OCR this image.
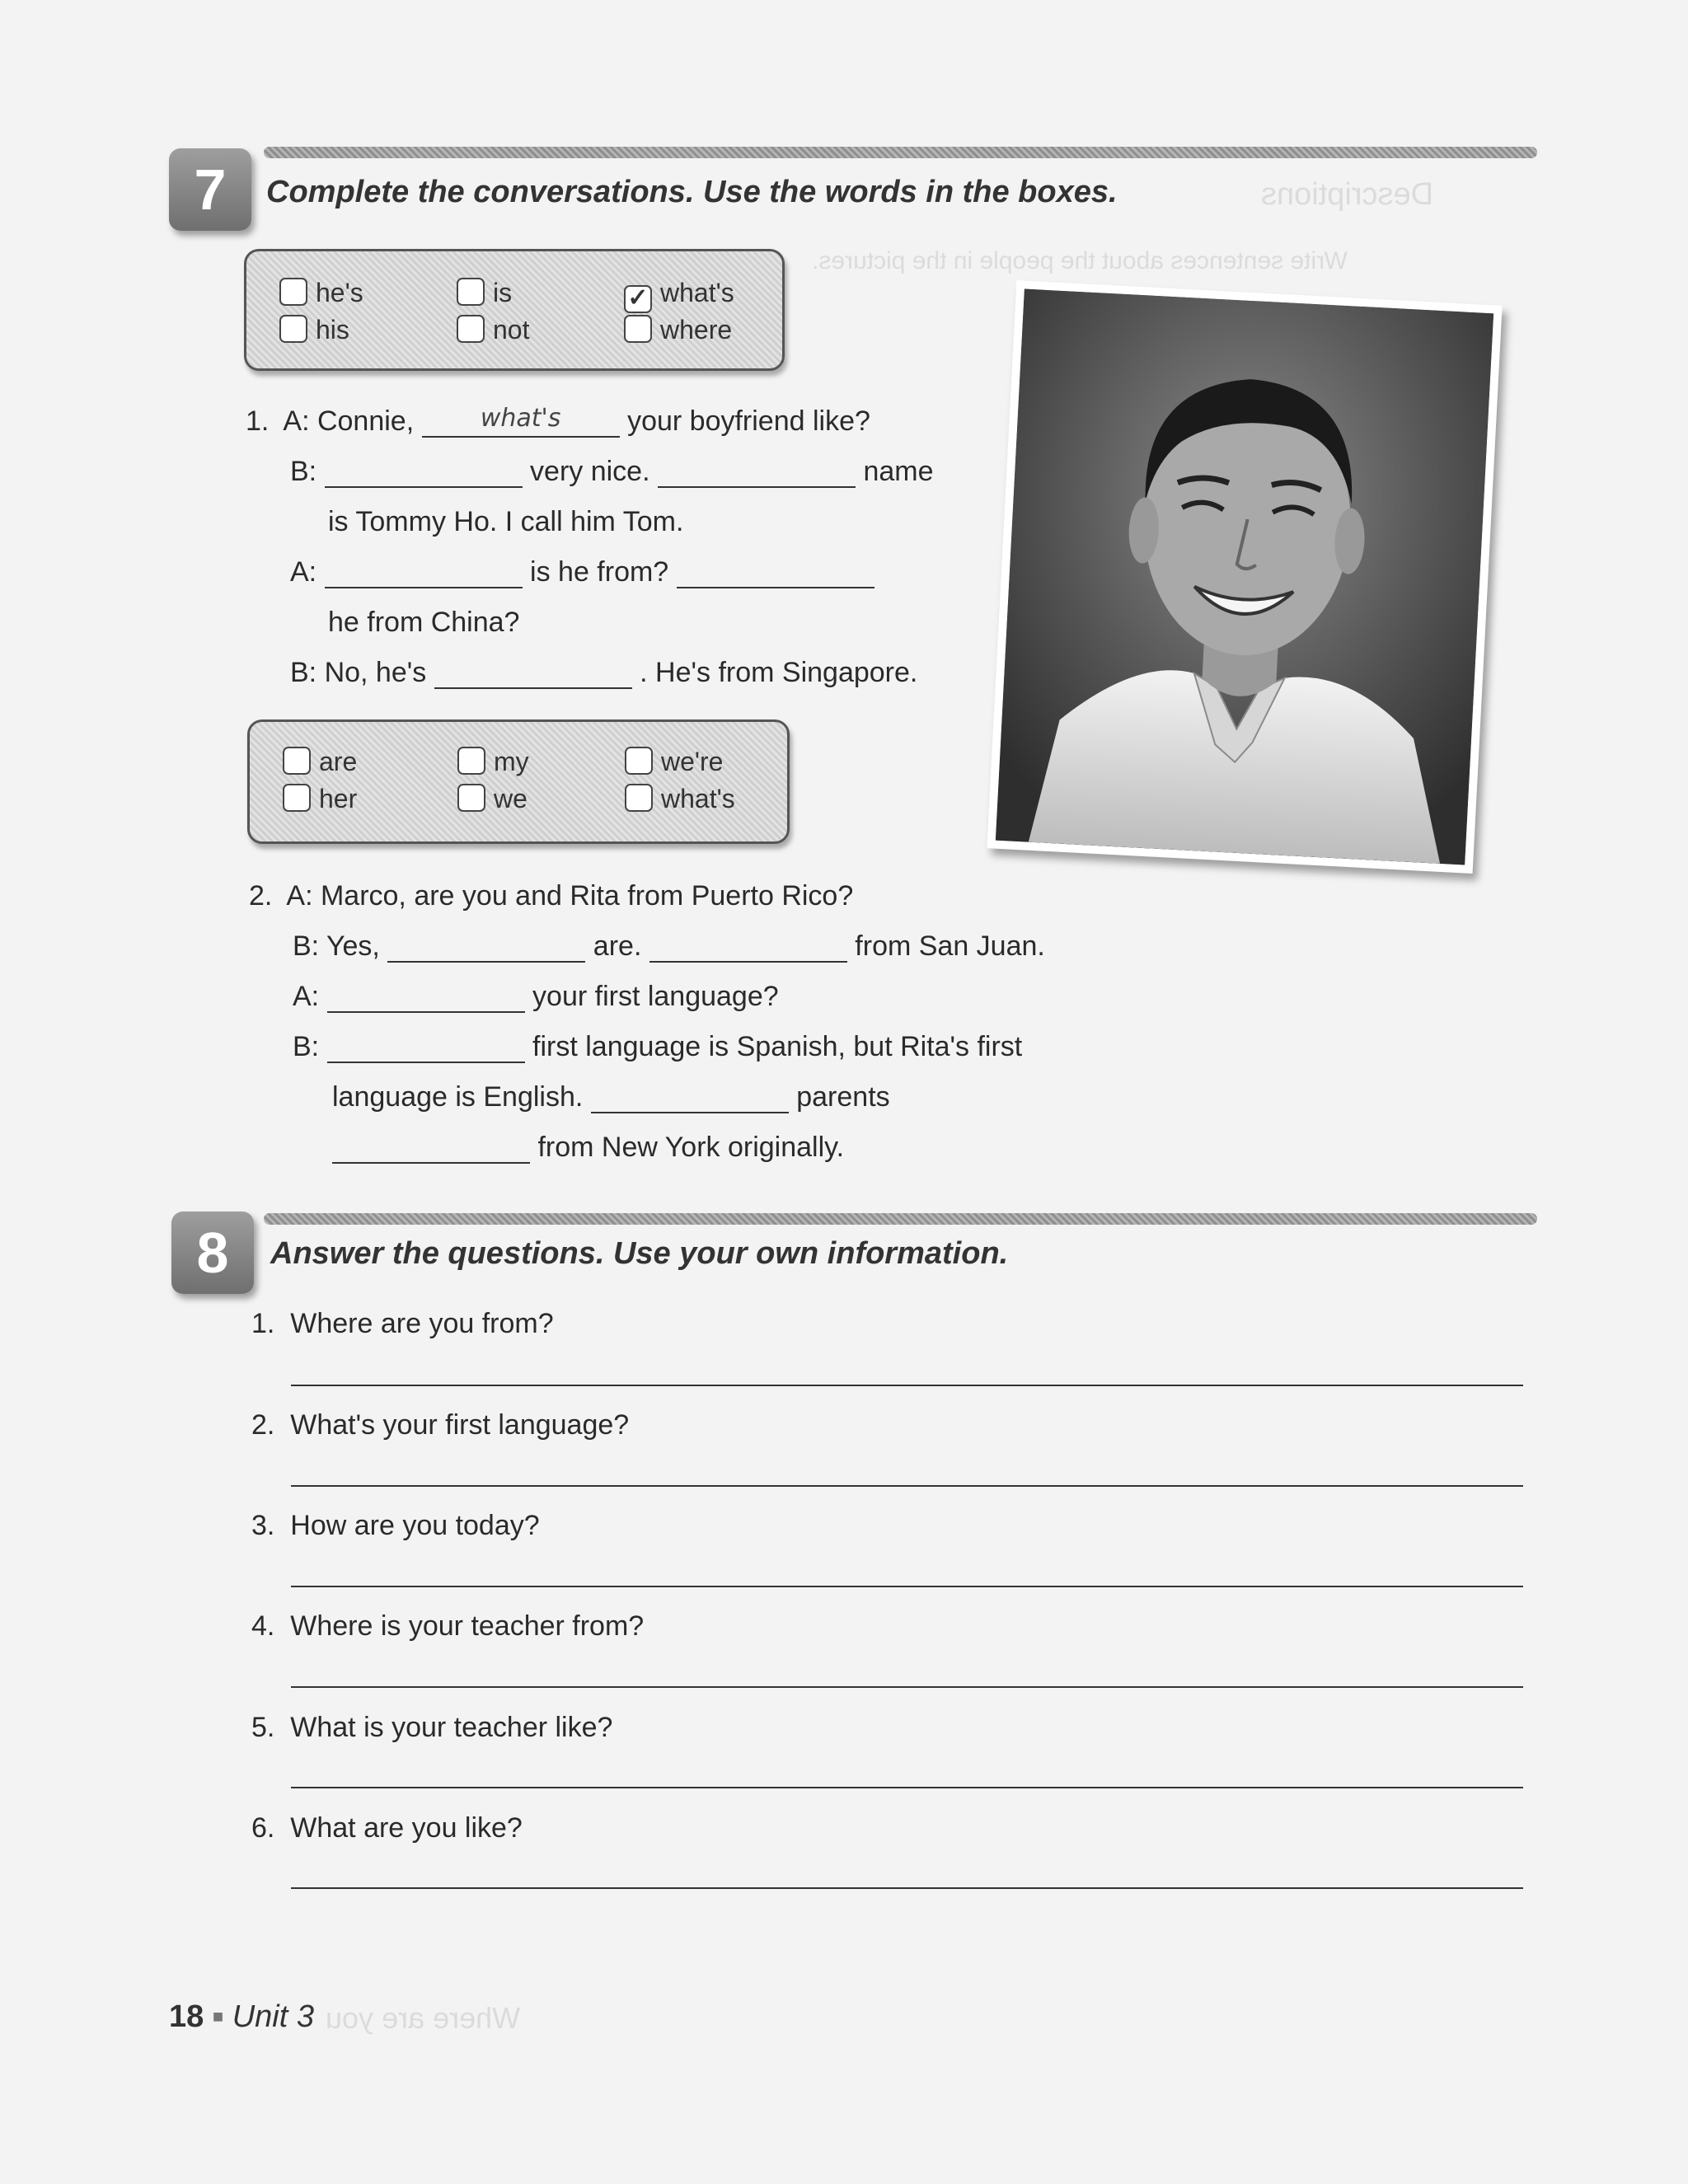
Descriptions
Write sentences about the people in the pictures.
7	Complete the conversations. Use the words in the boxes.
he's	is	✓ what's
his	not	where
1. A: Connie,	what's	your boyfriend like?
B:	very nice.	name
is Tommy Ho. I call him Tom.
A:	is he from?
he from China?
B: No, he's	. He's from Singapore.
are	my	we're
her	we	what's
2. A: Marco, are you and Rita from Puerto Rico?
B: Yes,	are.	from San Juan.
A:	your first language?
B:	first language is Spanish, but Rita's first
language is English.	parents
from New York originally.
8	Answer the questions. Use your own information.
1. Where are you from?
2. What's your first language?
3. How are you today?
4. Where is your teacher from?
5. What is your teacher like?
6. What are you like?
18 ■ Unit 3 Where are you
